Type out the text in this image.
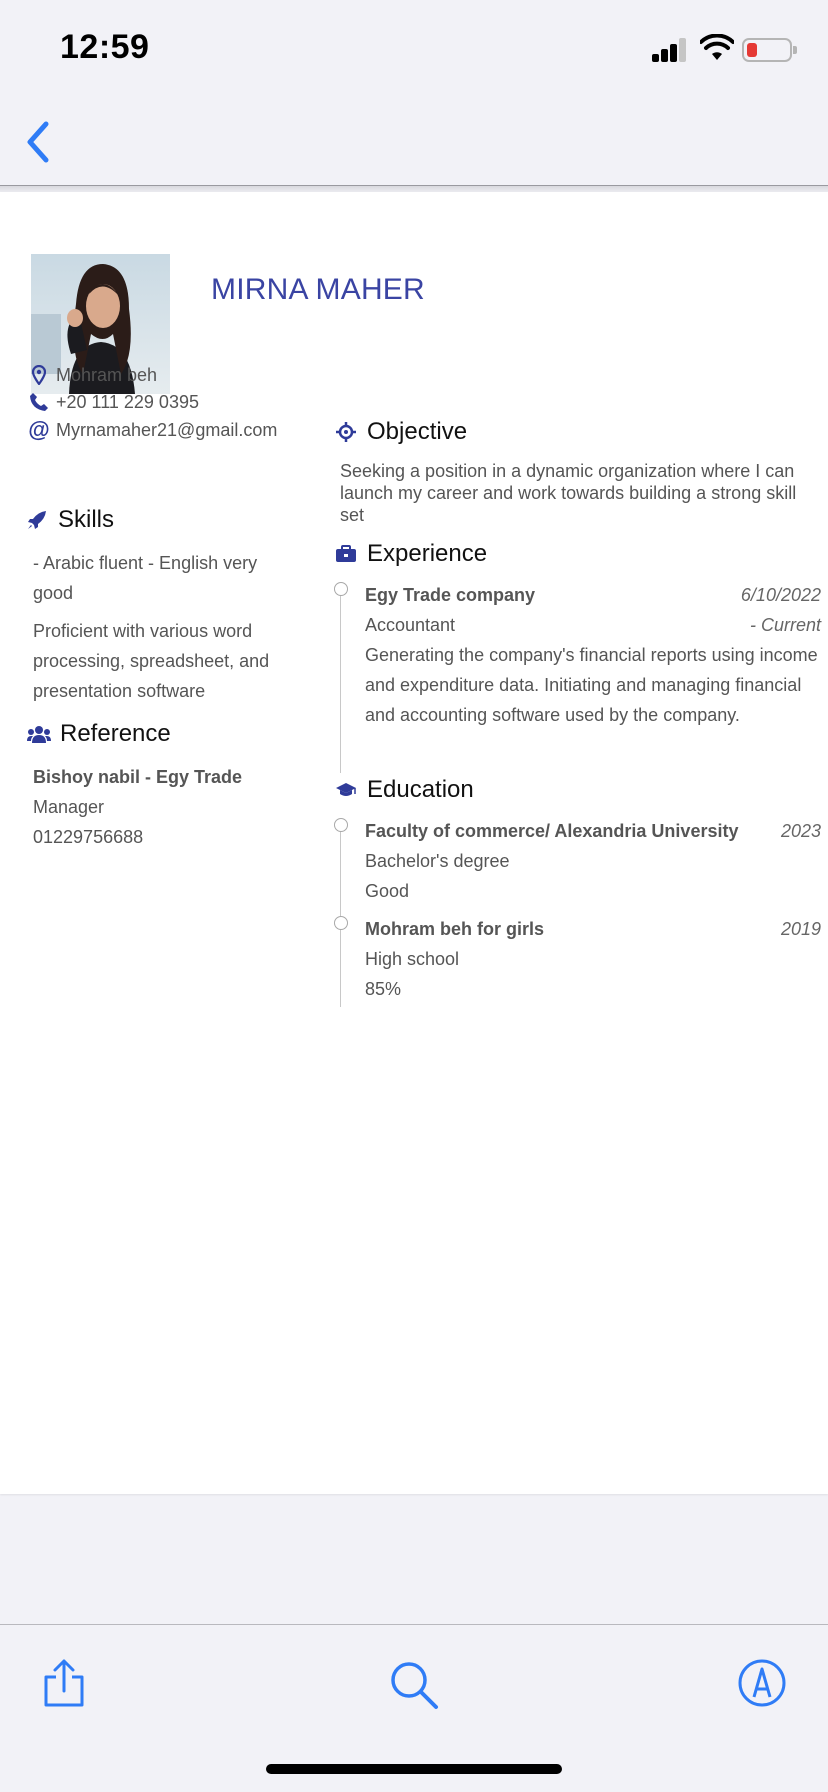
12:59
MIRNA MAHER
Mohram beh
+20 111 229 0395
@ Myrnamaher21@gmail.com
Skills
- Arabic fluent - English very good
Proficient with various word processing, spreadsheet, and presentation software
Reference
Bishoy nabil - Egy Trade
Manager
01229756688
Objective
Seeking a position in a dynamic organization where I can launch my career and work towards building a strong skill set
Experience
Egy Trade company	6/10/2022
Accountant	- Current
Generating the company's financial reports using income and expenditure data. Initiating and managing financial and accounting software used by the company.
Education
Faculty of commerce/ Alexandria University 2023
Bachelor's degree
Good
Mohram beh for girls	2019
High school
85%
